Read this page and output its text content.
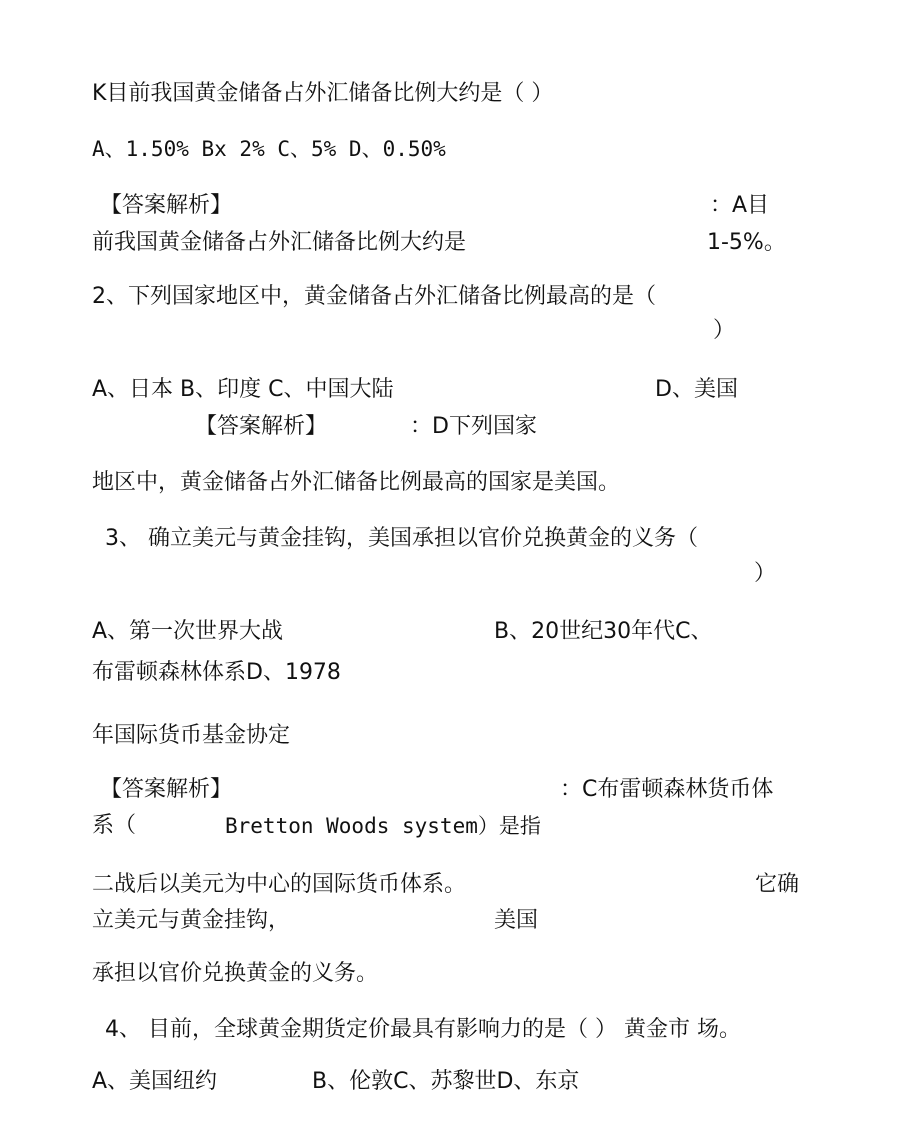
K目前我国黄金储备占外汇储备比例大约是（ ）
A、1.50% Bx 2% C、5% D、0.50%
【答案解析】	：A目
前我国黄金储备占外汇储备比例大约是	1-5%。
2、下列国家地区中，黄金储备占外汇储备比例最高的是（
）
A、日本 B、印度 C、中国大陆	D、美国
【答案解析】	：D下列国家
地区中，黄金储备占外汇储备比例最高的国家是美国。
3、 确立美元与黄金挂钩，美国承担以官价兑换黄金的义务（
）
A、第一次世界大战	B、20世纪30年代C、
布雷顿森林体系D、1978
年国际货币基金协定
【答案解析】	：C布雷顿森林货币体
系（	Bretton Woods system）是指
二战后以美元为中心的国际货币体系。	它确
立美元与黄金挂钩，	美国
承担以官价兑换黄金的义务。
4、 目前，全球黄金期货定价最具有影响力的是（ ） 黄金市 场。
A、美国纽约	B、伦敦C、苏黎世D、东京
